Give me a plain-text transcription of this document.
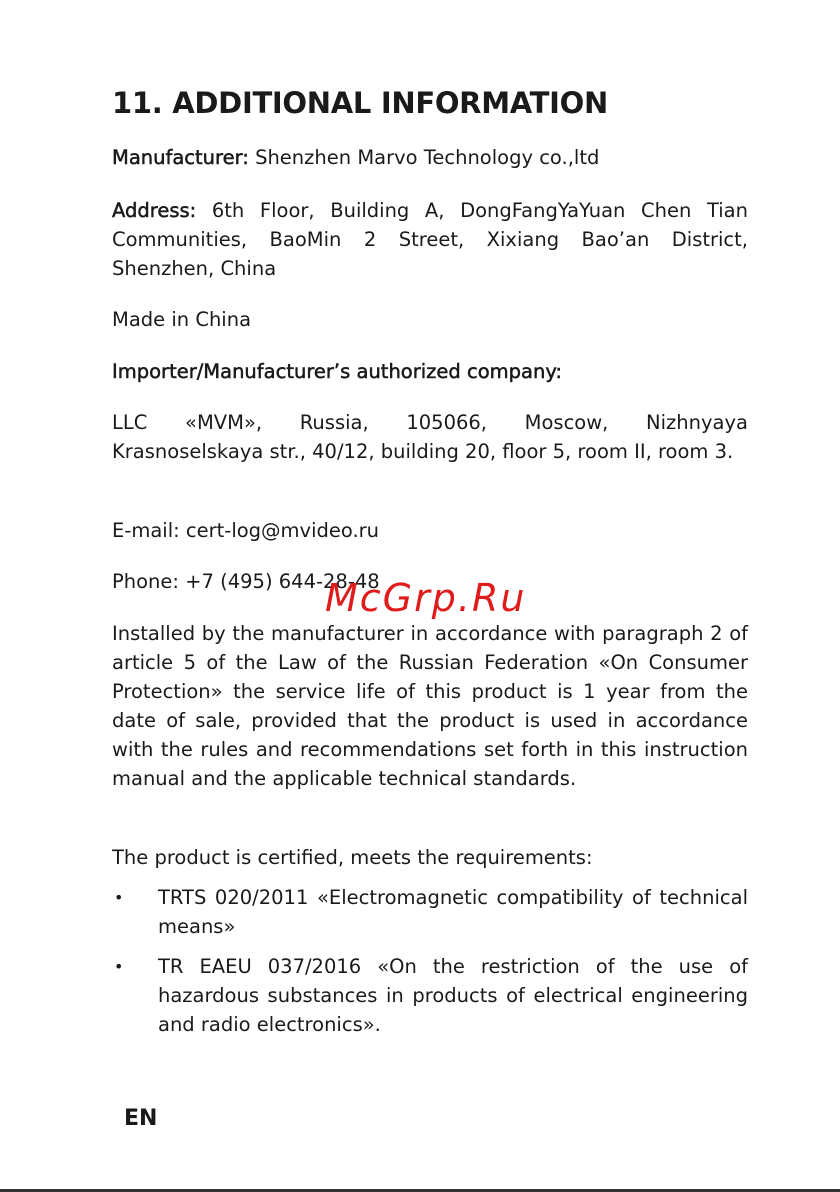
11. ADDITIONAL INFORMATION

Manufacturer: Shenzhen Marvo Technology co.,ltd

Address: 6th Floor, Building A, DongFangYaYuan Chen Tian Communities, BaoMin 2 Street, Xixiang Bao’an District, Shenzhen, China

Made in China

Importer/Manufacturer’s authorized company:

LLC «MVM», Russia, 105066, Moscow, Nizhnyaya Krasnoselskaya str., 40/12, building 20, floor 5, room II, room 3.

E-mail: cert-log@mvideo.ru

Phone: +7 (495) 644-28-48

Installed by the manufacturer in accordance with paragraph 2 of article 5 of the Law of the Russian Federation «On Consumer Protection» the service life of this product is 1 year from the date of sale, provided that the product is used in accordance with the rules and recommendations set forth in this instruction manual and the applicable technical standards.

The product is certified, meets the requirements:

• TRTS 020/2011 «Electromagnetic compatibility of technical means»
• TR EAEU 037/2016 «On the restriction of the use of hazardous substances in products of electrical engineering and radio electronics».
McGrp.Ru
EN
